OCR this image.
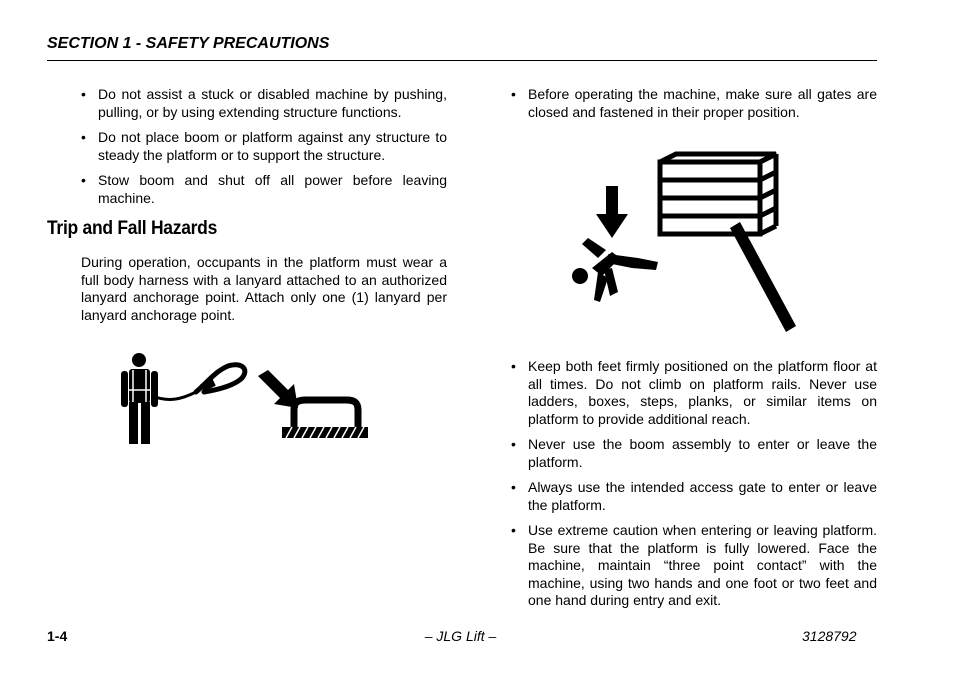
SECTION 1 - SAFETY PRECAUTIONS
• Do not assist a stuck or disabled machine by pushing, pulling, or by using extending structure functions.
• Do not place boom or platform against any structure to steady the platform or to support the structure.
• Stow boom and shut off all power before leaving machine.
Trip and Fall Hazards
During operation, occupants in the platform must wear a full body harness with a lanyard attached to an authorized lanyard anchorage point. Attach only one (1) lanyard per lanyard anchorage point.
• Before operating the machine, make sure all gates are closed and fastened in their proper position.
• Keep both feet firmly positioned on the platform floor at all times. Do not climb on platform rails. Never use ladders, boxes, steps, planks, or similar items on platform to provide additional reach.
• Never use the boom assembly to enter or leave the platform.
• Always use the intended access gate to enter or leave the platform.
• Use extreme caution when entering or leaving platform. Be sure that the platform is fully lowered. Face the machine, maintain “three point contact” with the machine, using two hands and one foot or two feet and one hand during entry and exit.
1-4	– JLG Lift –	3128792
